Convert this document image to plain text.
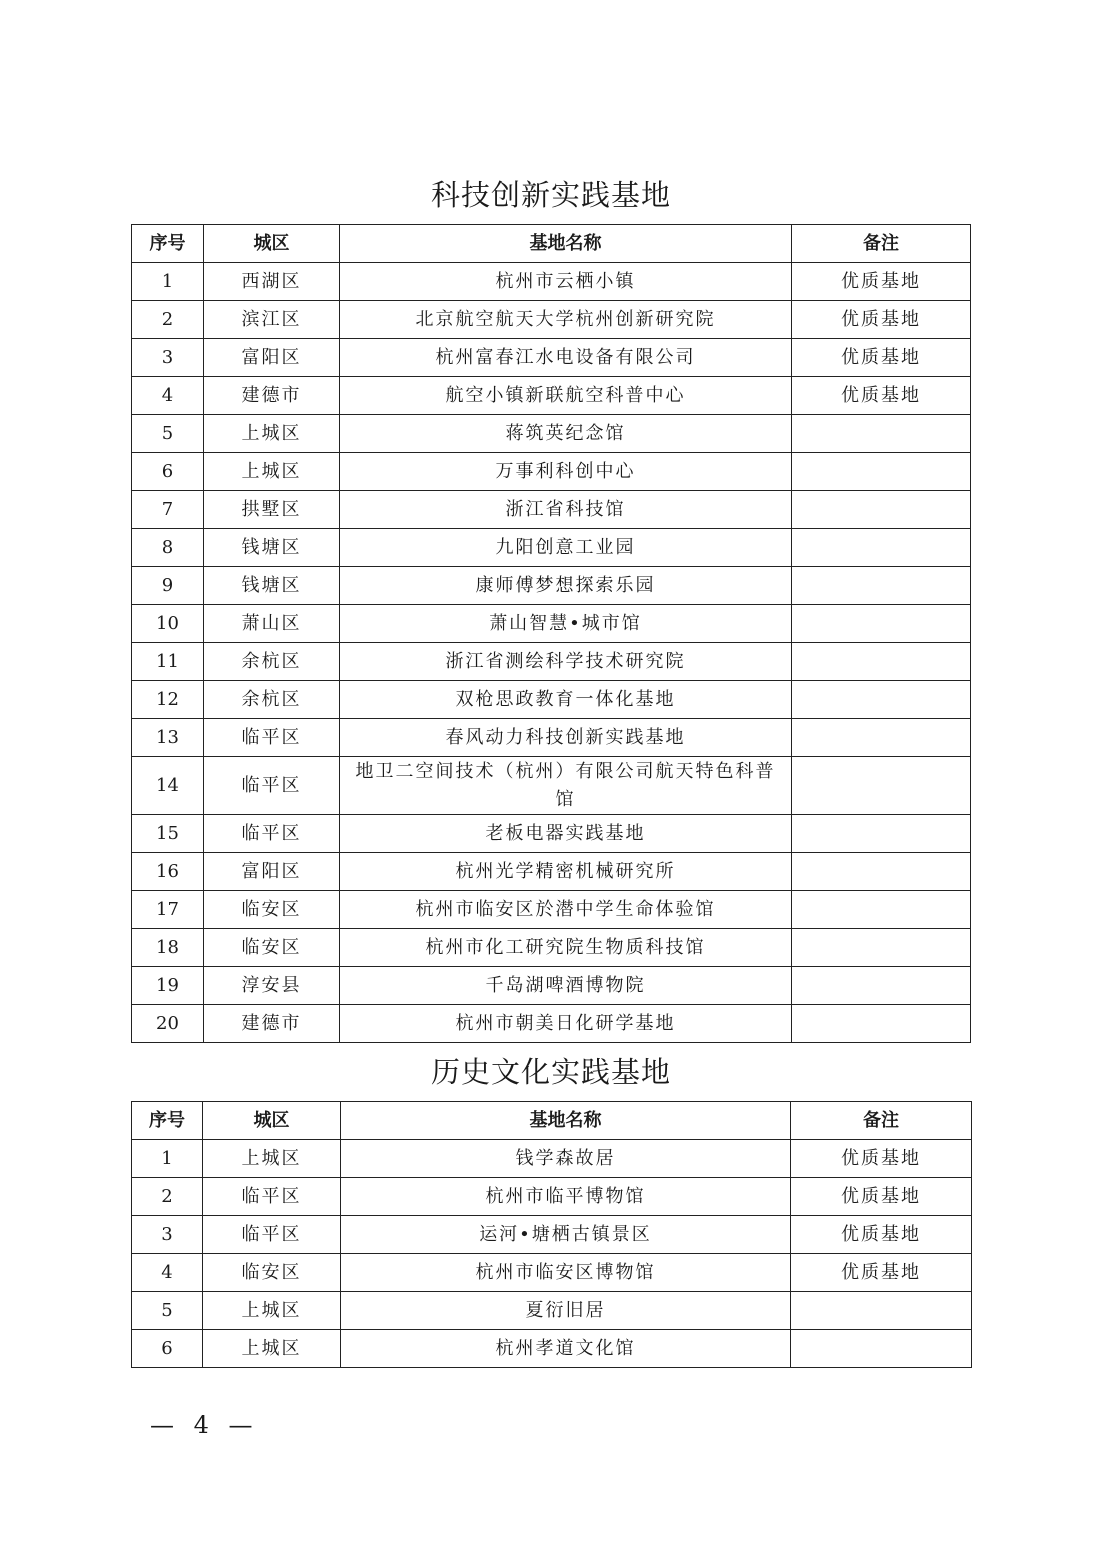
科技创新实践基地
序号	城区	基地名称	备注
1	西湖区	杭州市云栖小镇	优质基地
2	滨江区	北京航空航天大学杭州创新研究院	优质基地
3	富阳区	杭州富春江水电设备有限公司	优质基地
4	建德市	航空小镇新联航空科普中心	优质基地
5	上城区	蒋筑英纪念馆	
6	上城区	万事利科创中心	
7	拱墅区	浙江省科技馆	
8	钱塘区	九阳创意工业园	
9	钱塘区	康师傅梦想探索乐园	
10	萧山区	萧山智慧•城市馆	
11	余杭区	浙江省测绘科学技术研究院	
12	余杭区	双枪思政教育一体化基地	
13	临平区	春风动力科技创新实践基地	
14	临平区	地卫二空间技术（杭州）有限公司航天特色科普馆	
15	临平区	老板电器实践基地	
16	富阳区	杭州光学精密机械研究所	
17	临安区	杭州市临安区於潜中学生命体验馆	
18	临安区	杭州市化工研究院生物质科技馆	
19	淳安县	千岛湖啤酒博物院	
20	建德市	杭州市朝美日化研学基地	
历史文化实践基地
序号	城区	基地名称	备注
1	上城区	钱学森故居	优质基地
2	临平区	杭州市临平博物馆	优质基地
3	临平区	运河•塘栖古镇景区	优质基地
4	临安区	杭州市临安区博物馆	优质基地
5	上城区	夏衍旧居	
6	上城区	杭州孝道文化馆	
— 4 —
